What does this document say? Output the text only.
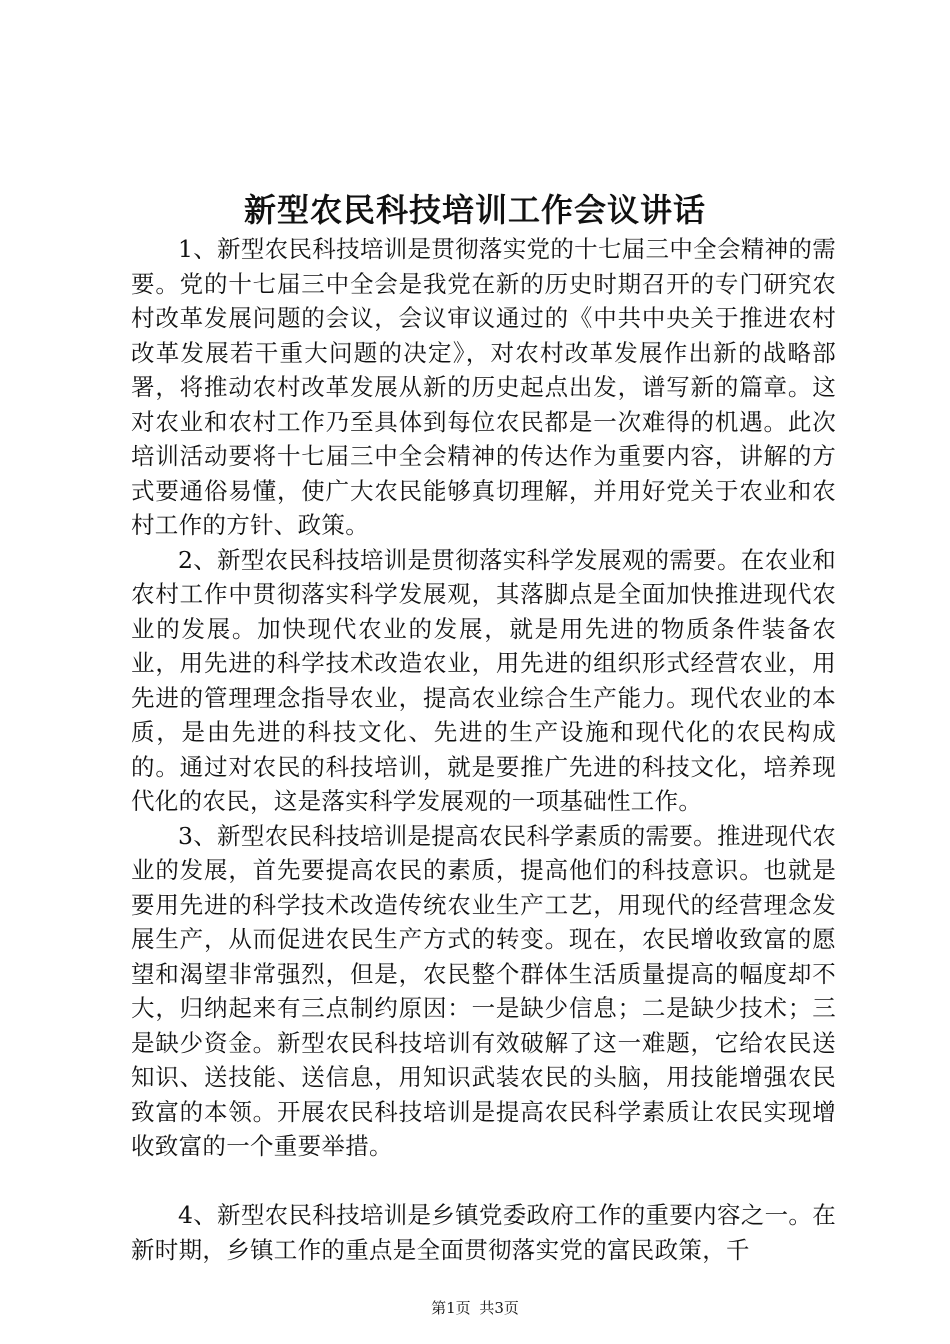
新型农民科技培训工作会议讲话

1、新型农民科技培训是贯彻落实党的十七届三中全会精神的需要。党的十七届三中全会是我党在新的历史时期召开的专门研究农村改革发展问题的会议，会议审议通过的《中共中央关于推进农村改革发展若干重大问题的决定》，对农村改革发展作出新的战略部署，将推动农村改革发展从新的历史起点出发，谱写新的篇章。这对农业和农村工作乃至具体到每位农民都是一次难得的机遇。此次培训活动要将十七届三中全会精神的传达作为重要内容，讲解的方式要通俗易懂，使广大农民能够真切理解，并用好党关于农业和农村工作的方针、政策。

2、新型农民科技培训是贯彻落实科学发展观的需要。在农业和农村工作中贯彻落实科学发展观，其落脚点是全面加快推进现代农业的发展。加快现代农业的发展，就是用先进的物质条件装备农业，用先进的科学技术改造农业，用先进的组织形式经营农业，用先进的管理理念指导农业，提高农业综合生产能力。现代农业的本质，是由先进的科技文化、先进的生产设施和现代化的农民构成的。通过对农民的科技培训，就是要推广先进的科技文化，培养现代化的农民，这是落实科学发展观的一项基础性工作。

3、新型农民科技培训是提高农民科学素质的需要。推进现代农业的发展，首先要提高农民的素质，提高他们的科技意识。也就是要用先进的科学技术改造传统农业生产工艺，用现代的经营理念发展生产，从而促进农民生产方式的转变。现在，农民增收致富的愿望和渴望非常强烈，但是，农民整个群体生活质量提高的幅度却不大，归纳起来有三点制约原因：一是缺少信息；二是缺少技术；三是缺少资金。新型农民科技培训有效破解了这一难题，它给农民送知识、送技能、送信息，用知识武装农民的头脑，用技能增强农民致富的本领。开展农民科技培训是提高农民科学素质让农民实现增收致富的一个重要举措。

4、新型农民科技培训是乡镇党委政府工作的重要内容之一。在新时期，乡镇工作的重点是全面贯彻落实党的富民政策，千

第1页 共3页
